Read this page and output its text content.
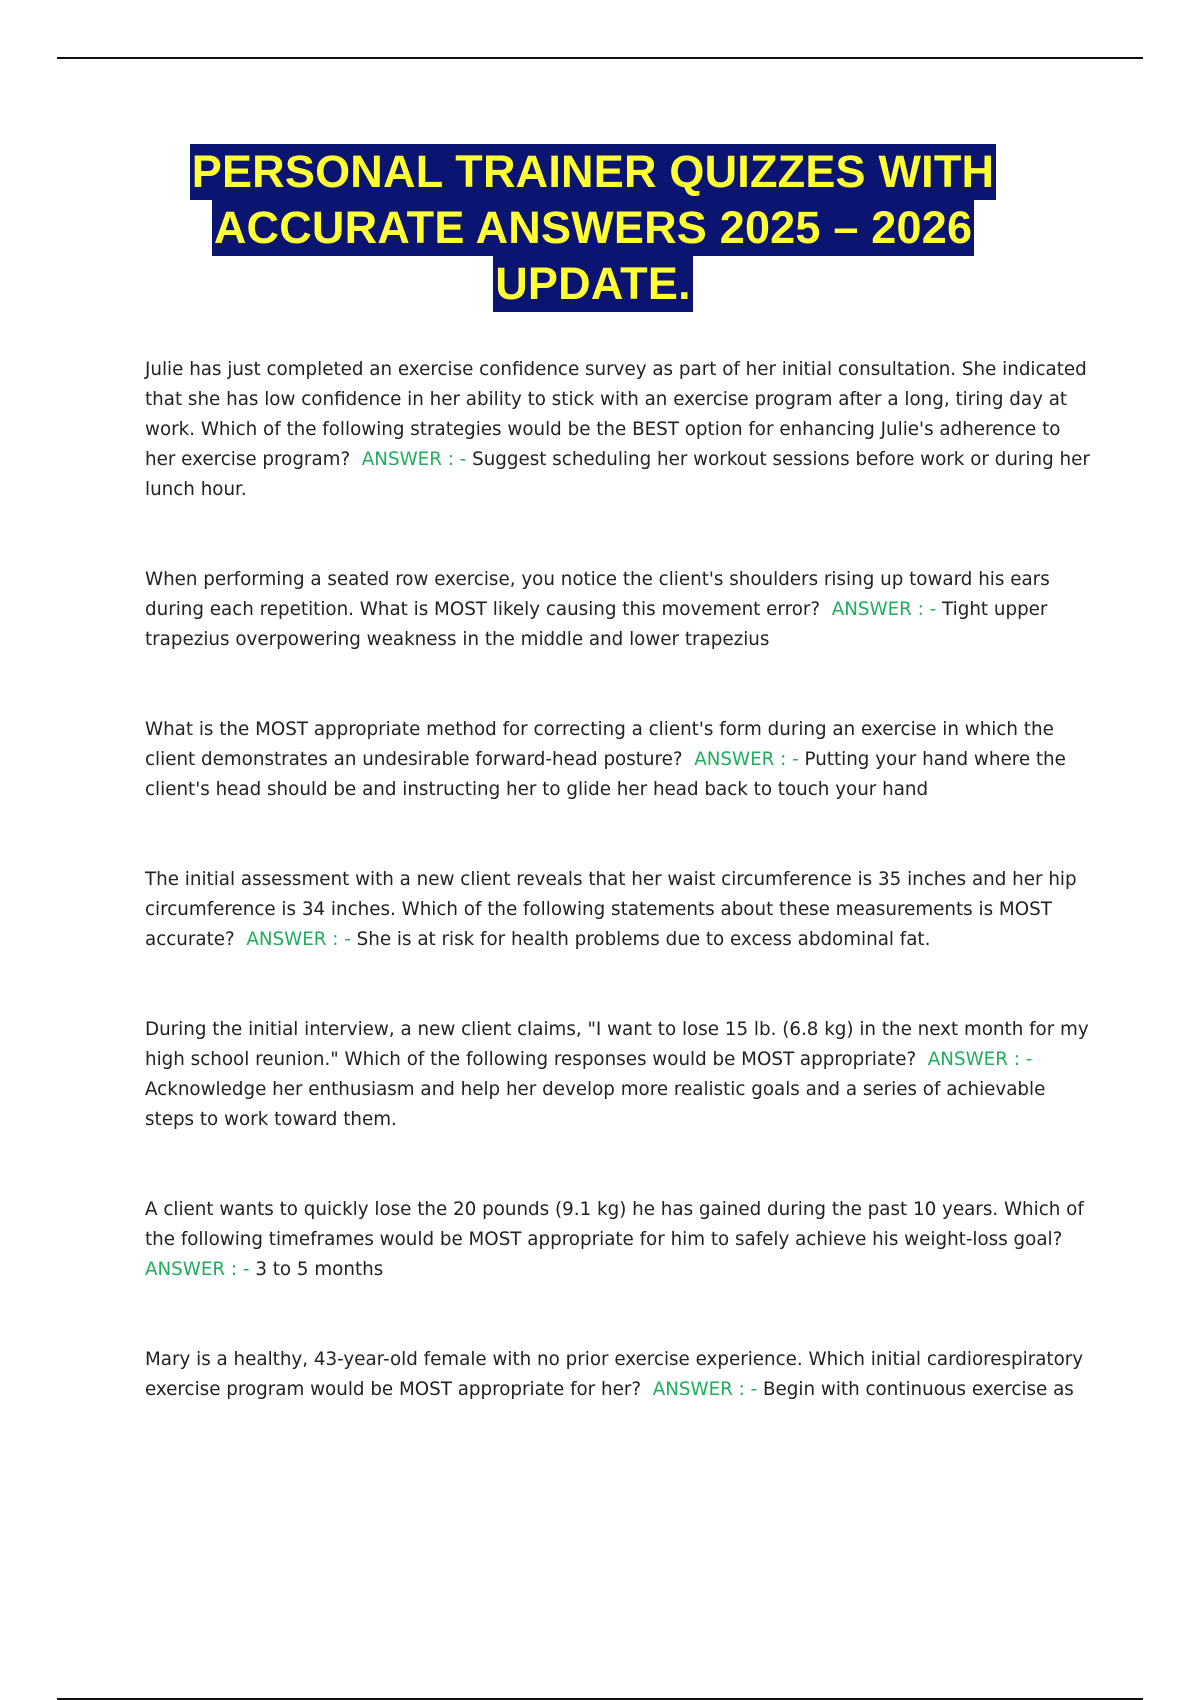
PERSONAL TRAINER QUIZZES WITH
ACCURATE ANSWERS 2025 – 2026
UPDATE.

Julie has just completed an exercise confidence survey as part of her initial consultation. She indicated that she has low confidence in her ability to stick with an exercise program after a long, tiring day at work. Which of the following strategies would be the BEST option for enhancing Julie's adherence to her exercise program? ANSWER : - Suggest scheduling her workout sessions before work or during her lunch hour.

When performing a seated row exercise, you notice the client's shoulders rising up toward his ears during each repetition. What is MOST likely causing this movement error? ANSWER : - Tight upper trapezius overpowering weakness in the middle and lower trapezius

What is the MOST appropriate method for correcting a client's form during an exercise in which the client demonstrates an undesirable forward-head posture? ANSWER : - Putting your hand where the client's head should be and instructing her to glide her head back to touch your hand

The initial assessment with a new client reveals that her waist circumference is 35 inches and her hip circumference is 34 inches. Which of the following statements about these measurements is MOST accurate? ANSWER : - She is at risk for health problems due to excess abdominal fat.

During the initial interview, a new client claims, "I want to lose 15 lb. (6.8 kg) in the next month for my high school reunion." Which of the following responses would be MOST appropriate? ANSWER : - Acknowledge her enthusiasm and help her develop more realistic goals and a series of achievable steps to work toward them.

A client wants to quickly lose the 20 pounds (9.1 kg) he has gained during the past 10 years. Which of the following timeframes would be MOST appropriate for him to safely achieve his weight-loss goal? ANSWER : - 3 to 5 months

Mary is a healthy, 43-year-old female with no prior exercise experience. Which initial cardiorespiratory exercise program would be MOST appropriate for her? ANSWER : - Begin with continuous exercise as
